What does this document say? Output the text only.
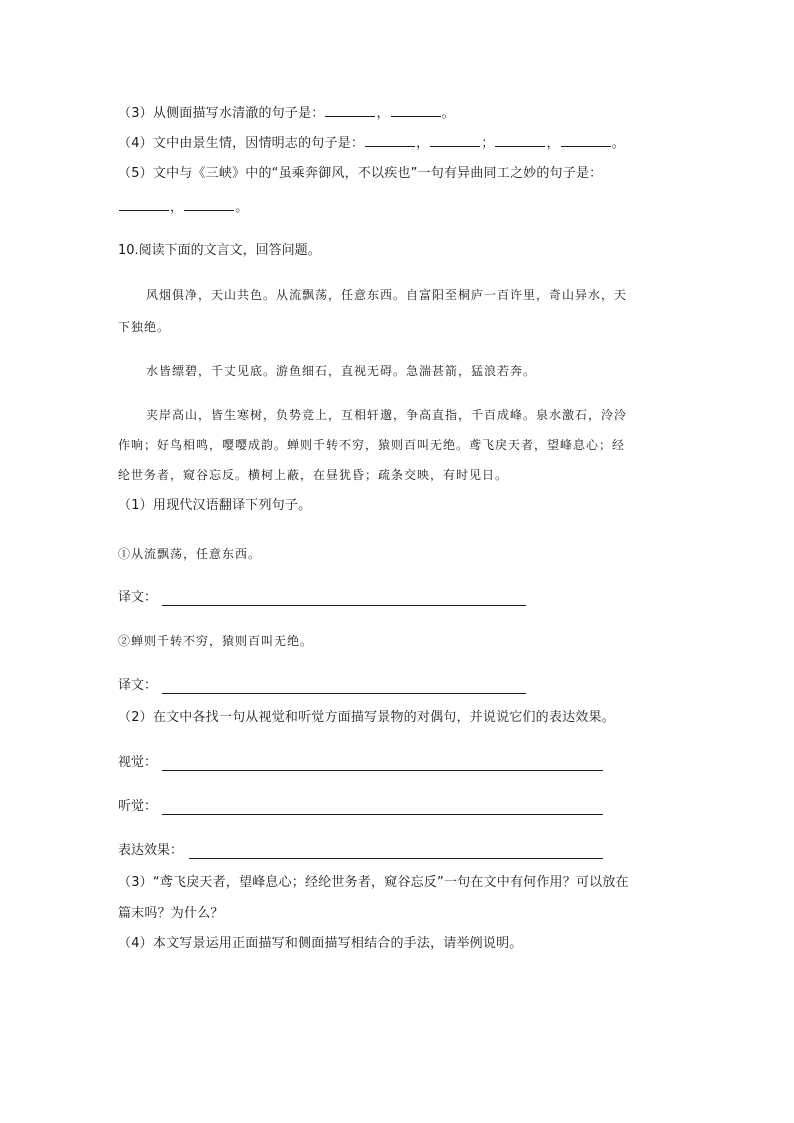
（3）从侧面描写水清澈的句子是：	，	。
（4）文中由景生情，因情明志的句子是：	，	；	，	。
（5）文中与《三峡》中的“虽乘奔御风，不以疾也”一句有异曲同工之妙的句子是：
，	。
10.阅读下面的文言文，回答问题。
风烟俱净，天山共色。从流飘荡，任意东西。自富阳至桐庐一百许里，奇山异水，天
下独绝。
水皆缥碧，千丈见底。游鱼细石，直视无碍。急湍甚箭，猛浪若奔。
夹岸高山，皆生寒树，负势竞上，互相轩邈，争高直指，千百成峰。泉水激石，泠泠
作响；好鸟相鸣，嘤嘤成韵。蝉则千转不穷，猿则百叫无绝。鸢飞戾天者，望峰息心；经
纶世务者，窥谷忘反。横柯上蔽，在昼犹昏；疏条交映，有时见日。
（1）用现代汉语翻译下列句子。
①从流飘荡，任意东西。
译文：
②蝉则千转不穷，猿则百叫无绝。
译文：
（2）在文中各找一句从视觉和听觉方面描写景物的对偶句，并说说它们的表达效果。
视觉：
听觉：
表达效果：
（3）“鸢飞戾天者，望峰息心；经纶世务者，窥谷忘反”一句在文中有何作用？可以放在
篇末吗？为什么？
（4）本文写景运用正面描写和侧面描写相结合的手法，请举例说明。
